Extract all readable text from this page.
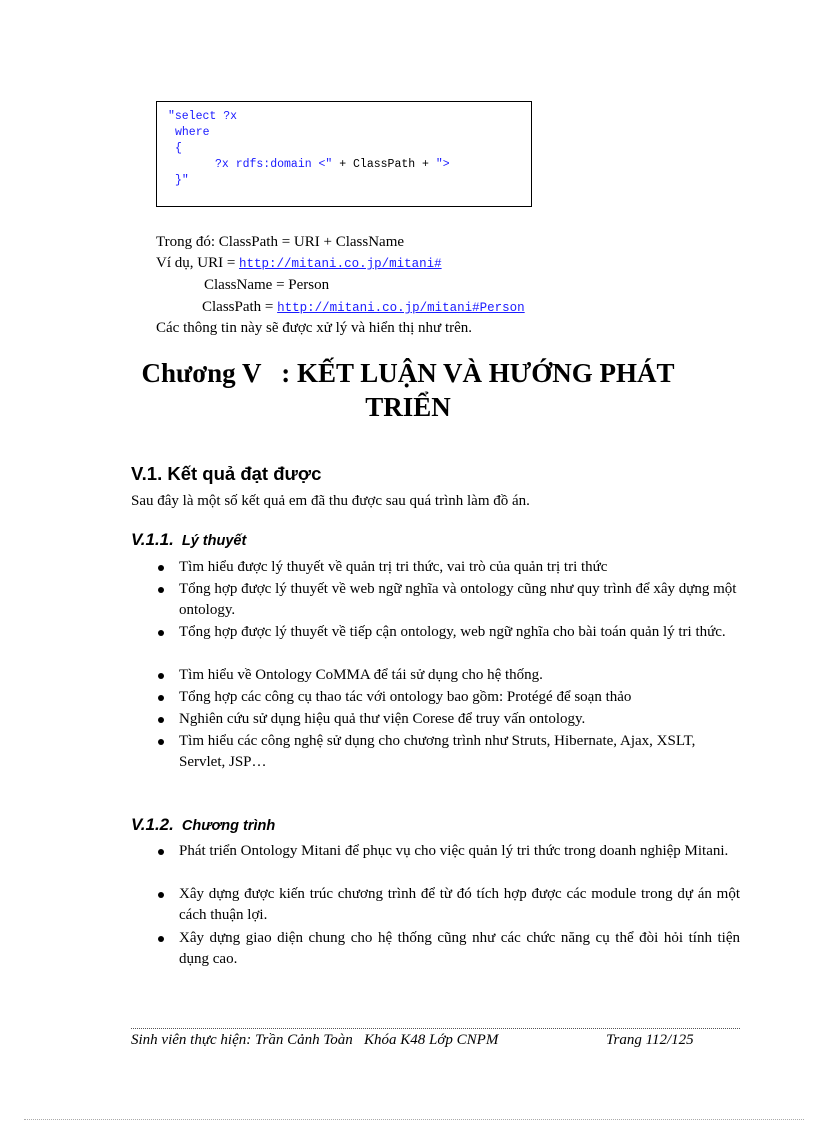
"select ?x
where
{
?x rdfs:domain <" + ClassPath + ">
}"
Trong đó: ClassPath = URI + ClassName
Ví dụ, URI = http://mitani.co.jp/mitani#
ClassName = Person
ClassPath = http://mitani.co.jp/mitani#Person
Các thông tin này sẽ được xử lý và hiển thị như trên.
Chương V   : KẾT LUẬN VÀ HƯỚNG PHÁT
TRIỂN
V.1. Kết quả đạt được
Sau đây là một số kết quả em đã thu được sau quá trình làm đồ án.
V.1.1. Lý thuyết
Tìm hiểu được lý thuyết về quản trị tri thức, vai trò của quản trị tri thức
Tổng hợp được lý thuyết về web ngữ nghĩa và ontology cũng như quy trình để xây dựng một ontology.
Tổng hợp được lý thuyết về tiếp cận ontology, web ngữ nghĩa cho bài toán quản lý tri thức.
Tìm hiểu về Ontology CoMMA để tái sử dụng cho hệ thống.
Tổng hợp các công cụ thao tác với ontology bao gồm: Protégé để soạn thảo
Nghiên cứu sử dụng hiệu quả thư viện Corese để truy vấn ontology.
Tìm hiểu các công nghệ sử dụng cho chương trình như Struts, Hibernate, Ajax, XSLT, Servlet, JSP…
V.1.2. Chương trình
Phát triển Ontology Mitani để phục vụ cho việc quản lý tri thức trong doanh nghiệp Mitani.
Xây dựng được kiến trúc chương trình để từ đó tích hợp được các module trong dự án một cách thuận lợi.
Xây dựng giao diện chung cho hệ thống cũng như các chức năng cụ thể đòi hỏi tính tiện dụng cao.
Sinh viên thực hiện: Trần Cảnh Toàn   Khóa K48 Lớp CNPM	Trang 112/125
